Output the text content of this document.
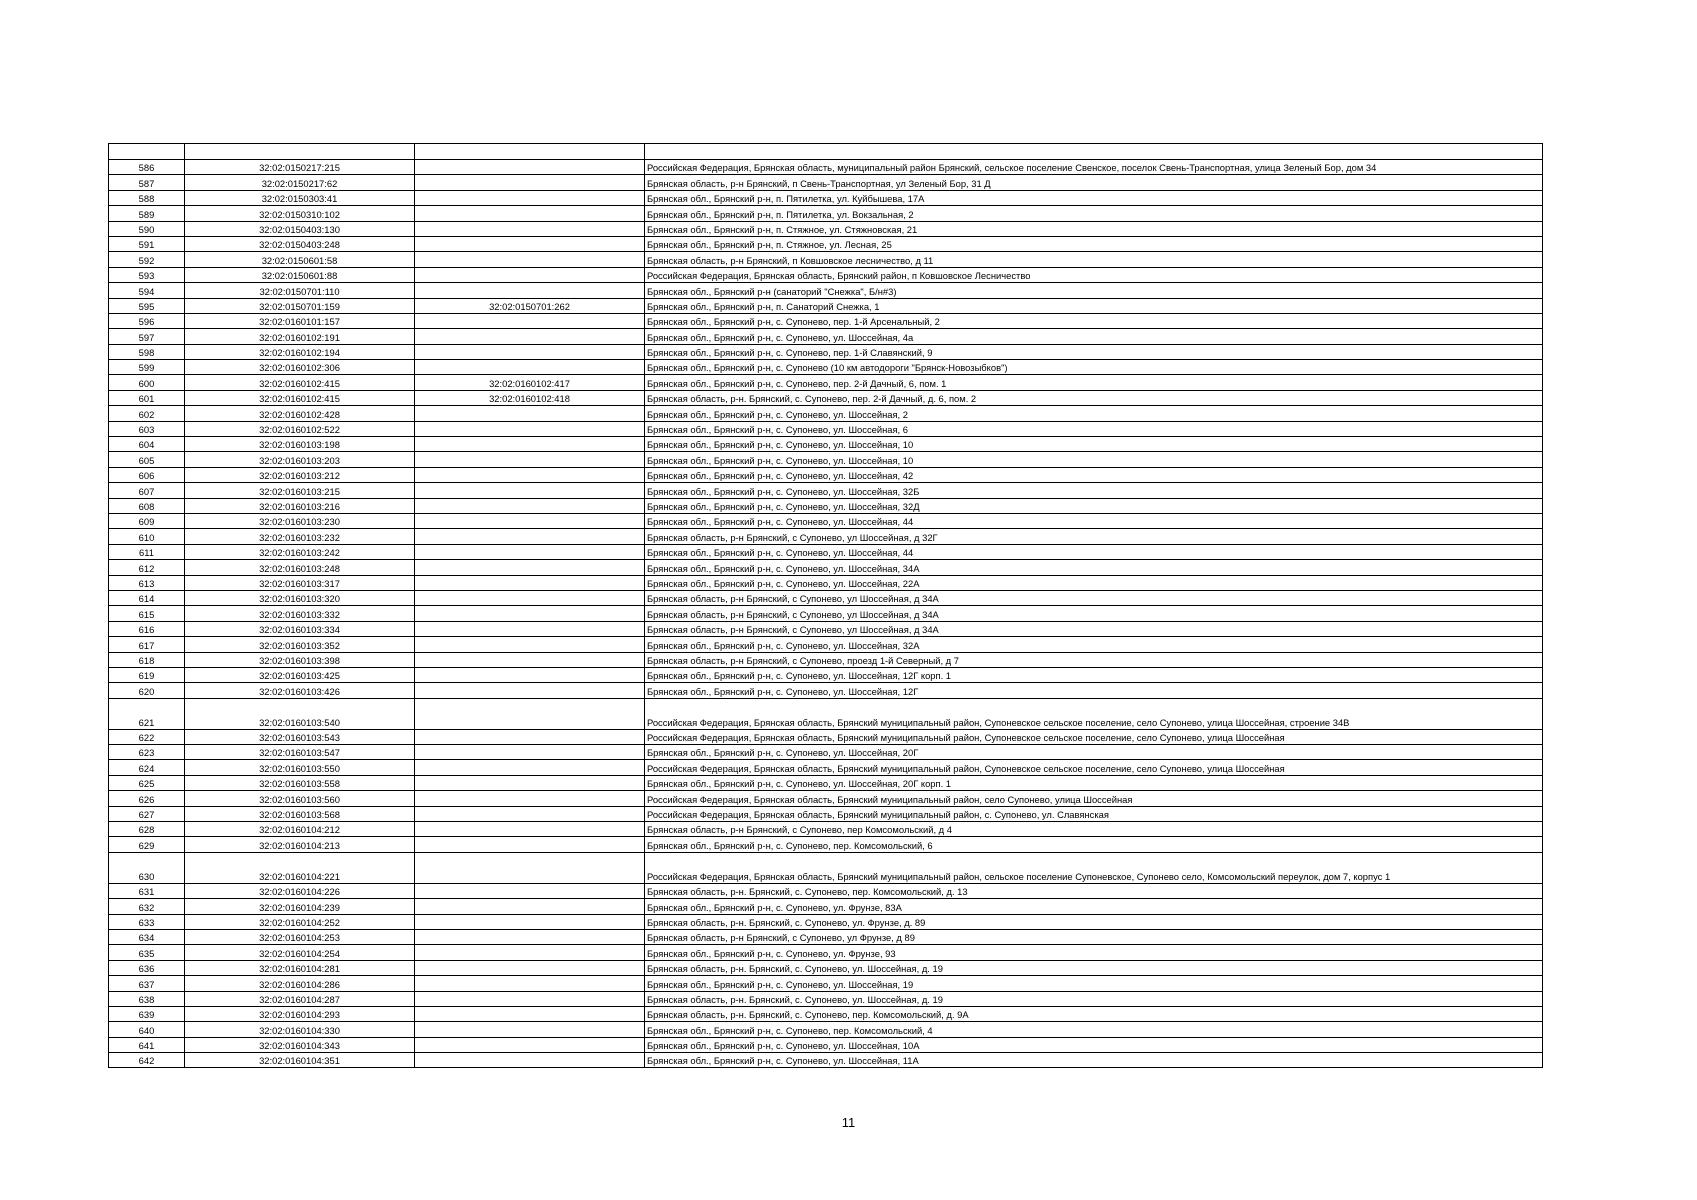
586	32:02:0150217:215		Российская Федерация, Брянская область, муниципальный район Брянский, сельское поселение Свенское, поселок Свень-Транспортная, улица Зеленый Бор, дом 34
587	32:02:0150217:62		Брянская область, р-н Брянский, п Свень-Транспортная, ул Зеленый Бор, 31 Д
588	32:02:0150303:41		Брянская обл., Брянский р-н, п. Пятилетка, ул. Куйбышева, 17А
589	32:02:0150310:102		Брянская обл., Брянский р-н, п. Пятилетка, ул. Вокзальная, 2
590	32:02:0150403:130		Брянская обл., Брянский р-н, п. Стяжное, ул. Стяжновская, 21
591	32:02:0150403:248		Брянская обл., Брянский р-н, п. Стяжное, ул. Лесная, 25
592	32:02:0150601:58		Брянская область, р-н Брянский, п Ковшовское лесничество, д 11
593	32:02:0150601:88		Российская Федерация, Брянская область, Брянский район, п Ковшовское Лесничество
594	32:02:0150701:110		Брянская обл., Брянский р-н (санаторий "Снежка", Б/н#3)
595	32:02:0150701:159	32:02:0150701:262	Брянская обл., Брянский р-н, п. Санаторий Снежка, 1
596	32:02:0160101:157		Брянская обл., Брянский р-н, с. Супонево, пер. 1-й Арсенальный, 2
597	32:02:0160102:191		Брянская обл., Брянский р-н, с. Супонево, ул. Шоссейная, 4а
598	32:02:0160102:194		Брянская обл., Брянский р-н, с. Супонево, пер. 1-й Славянский, 9
599	32:02:0160102:306		Брянская обл., Брянский р-н, с. Супонево (10 км автодороги "Брянск-Новозыбков")
600	32:02:0160102:415	32:02:0160102:417	Брянская обл., Брянский р-н, с. Супонево, пер. 2-й Дачный, 6, пом. 1
601	32:02:0160102:415	32:02:0160102:418	Брянская область, р-н. Брянский, с. Супонево, пер. 2-й Дачный, д. 6, пом. 2
602	32:02:0160102:428		Брянская обл., Брянский р-н, с. Супонево, ул. Шоссейная, 2
603	32:02:0160102:522		Брянская обл., Брянский р-н, с. Супонево, ул. Шоссейная, 6
604	32:02:0160103:198		Брянская обл., Брянский р-н, с. Супонево, ул. Шоссейная, 10
605	32:02:0160103:203		Брянская обл., Брянский р-н, с. Супонево, ул. Шоссейная, 10
606	32:02:0160103:212		Брянская обл., Брянский р-н, с. Супонево, ул. Шоссейная, 42
607	32:02:0160103:215		Брянская обл., Брянский р-н, с. Супонево, ул. Шоссейная, 32Б
608	32:02:0160103:216		Брянская обл., Брянский р-н, с. Супонево, ул. Шоссейная, 32Д
609	32:02:0160103:230		Брянская обл., Брянский р-н, с. Супонево, ул. Шоссейная, 44
610	32:02:0160103:232		Брянская область, р-н Брянский, с Супонево, ул Шоссейная, д 32Г
611	32:02:0160103:242		Брянская обл., Брянский р-н, с. Супонево, ул. Шоссейная, 44
612	32:02:0160103:248		Брянская обл., Брянский р-н, с. Супонево, ул. Шоссейная, 34А
613	32:02:0160103:317		Брянская обл., Брянский р-н, с. Супонево, ул. Шоссейная, 22А
614	32:02:0160103:320		Брянская область, р-н Брянский, с Супонево, ул Шоссейная, д 34А
615	32:02:0160103:332		Брянская область, р-н Брянский, с Супонево, ул Шоссейная, д 34А
616	32:02:0160103:334		Брянская область, р-н Брянский, с Супонево, ул Шоссейная, д 34А
617	32:02:0160103:352		Брянская обл., Брянский р-н, с. Супонево, ул. Шоссейная, 32А
618	32:02:0160103:398		Брянская область, р-н Брянский, с Супонево, проезд 1-й Северный, д 7
619	32:02:0160103:425		Брянская обл., Брянский р-н, с. Супонево, ул. Шоссейная, 12Г корп. 1
620	32:02:0160103:426		Брянская обл., Брянский р-н, с. Супонево, ул. Шоссейная, 12Г
621	32:02:0160103:540		Российская Федерация, Брянская область, Брянский муниципальный район, Супоневское сельское поселение, село Супонево, улица Шоссейная, строение 34В
622	32:02:0160103:543		Российская Федерация, Брянская область, Брянский муниципальный район, Супоневское сельское поселение, село Супонево, улица Шоссейная
623	32:02:0160103:547		Брянская обл., Брянский р-н, с. Супонево, ул. Шоссейная, 20Г
624	32:02:0160103:550		Российская Федерация, Брянская область, Брянский муниципальный район, Супоневское сельское поселение, село Супонево, улица Шоссейная
625	32:02:0160103:558		Брянская обл., Брянский р-н, с. Супонево, ул. Шоссейная, 20Г корп. 1
626	32:02:0160103:560		Российская Федерация, Брянская область, Брянский муниципальный район, село Супонево, улица Шоссейная
627	32:02:0160103:568		Российская Федерация, Брянская область, Брянский муниципальный район, с. Супонево, ул. Славянская
628	32:02:0160104:212		Брянская область, р-н Брянский, с Супонево, пер Комсомольский, д 4
629	32:02:0160104:213		Брянская обл., Брянский р-н, с. Супонево, пер. Комсомольский, 6
630	32:02:0160104:221		Российская Федерация, Брянская область, Брянский муниципальный район, сельское поселение Супоневское, Супонево село, Комсомольский переулок, дом 7, корпус 1
631	32:02:0160104:226		Брянская область, р-н. Брянский, с. Супонево, пер. Комсомольский, д. 13
632	32:02:0160104:239		Брянская обл., Брянский р-н, с. Супонево, ул. Фрунзе, 83А
633	32:02:0160104:252		Брянская область, р-н. Брянский, с. Супонево, ул. Фрунзе, д. 89
634	32:02:0160104:253		Брянская область, р-н Брянский, с Супонево, ул Фрунзе, д 89
635	32:02:0160104:254		Брянская обл., Брянский р-н, с. Супонево, ул. Фрунзе, 93
636	32:02:0160104:281		Брянская область, р-н. Брянский, с. Супонево, ул. Шоссейная, д. 19
637	32:02:0160104:286		Брянская обл., Брянский р-н, с. Супонево, ул. Шоссейная, 19
638	32:02:0160104:287		Брянская область, р-н. Брянский, с. Супонево, ул. Шоссейная, д. 19
639	32:02:0160104:293		Брянская область, р-н. Брянский, с. Супонево, пер. Комсомольский, д. 9А
640	32:02:0160104:330		Брянская обл., Брянский р-н, с. Супонево, пер. Комсомольский, 4
641	32:02:0160104:343		Брянская обл., Брянский р-н, с. Супонево, ул. Шоссейная, 10А
642	32:02:0160104:351		Брянская обл., Брянский р-н, с. Супонево, ул. Шоссейная, 11А
11
